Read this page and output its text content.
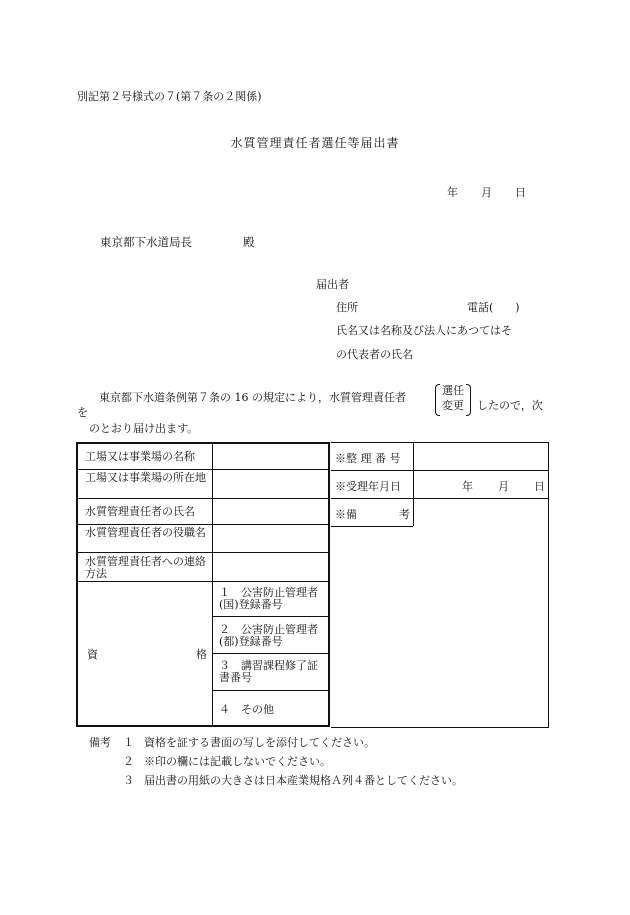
別記第２号様式の７(第７条の２関係)
水質管理責任者選任等届出書
年 月 日
東京都下水道局長	殿
届出者
住所	電話(　　)
氏名又は名称及び法人にあつてはそ
の代表者の氏名
東京都下水道条例第７条の 16 の規定により，水質管理責任者
を
選任
変更	したので，次
のとおり届け出ます。
工場又は事業場の名称
工場又は事業場の所在地
水質管理責任者の氏名
水質管理責任者の役職名
水質管理責任者への連絡方法
資	格
１　公害防止管理者(国)登録番号
２　公害防止管理者(都)登録番号
３　講習課程修了証書番号
４　その他
※整 理 番 号
※受理年月日	年 月 日
※備	考
備考 １ 資格を証する書面の写しを添付してください。
２ ※印の欄には記載しないでください。
３ 届出書の用紙の大きさは日本産業規格Ａ列４番としてください。
